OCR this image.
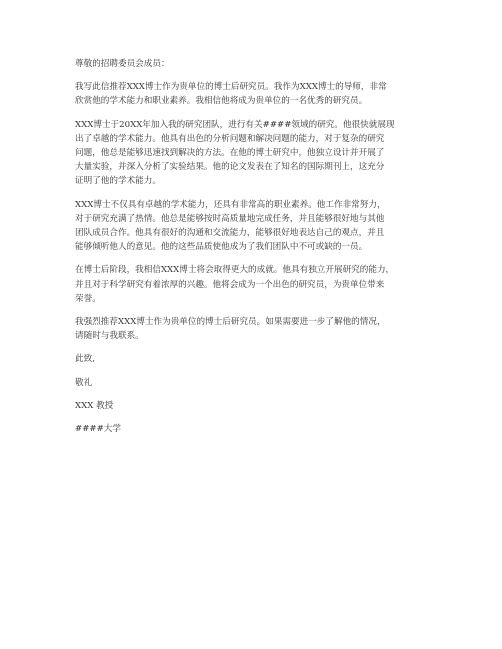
尊敬的招聘委员会成员：
我写此信推荐XXX博士作为贵单位的博士后研究员。我作为XXX博士的导师，非常
欣赏他的学术能力和职业素养。我相信他将成为贵单位的一名优秀的研究员。
XXX博士于20XX年加入我的研究团队，进行有关####领域的研究。他很快就展现
出了卓越的学术能力。他具有出色的分析问题和解决问题的能力，对于复杂的研究
问题，他总是能够迅速找到解决的方法。在他的博士研究中，他独立设计并开展了
大量实验，并深入分析了实验结果。他的论文发表在了知名的国际期刊上，这充分
证明了他的学术能力。
XXX博士不仅具有卓越的学术能力，还具有非常高的职业素养。他工作非常努力，
对于研究充满了热情。他总是能够按时高质量地完成任务，并且能够很好地与其他
团队成员合作。他具有很好的沟通和交流能力，能够很好地表达自己的观点，并且
能够倾听他人的意见。他的这些品质使他成为了我们团队中不可或缺的一员。
在博士后阶段，我相信XXX博士将会取得更大的成就。他具有独立开展研究的能力，
并且对于科学研究有着浓厚的兴趣。他将会成为一个出色的研究员，为贵单位带来
荣誉。
我强烈推荐XXX博士作为贵单位的博士后研究员。如果需要进一步了解他的情况，
请随时与我联系。
此致,
敬礼
XXX 教授
####大学
